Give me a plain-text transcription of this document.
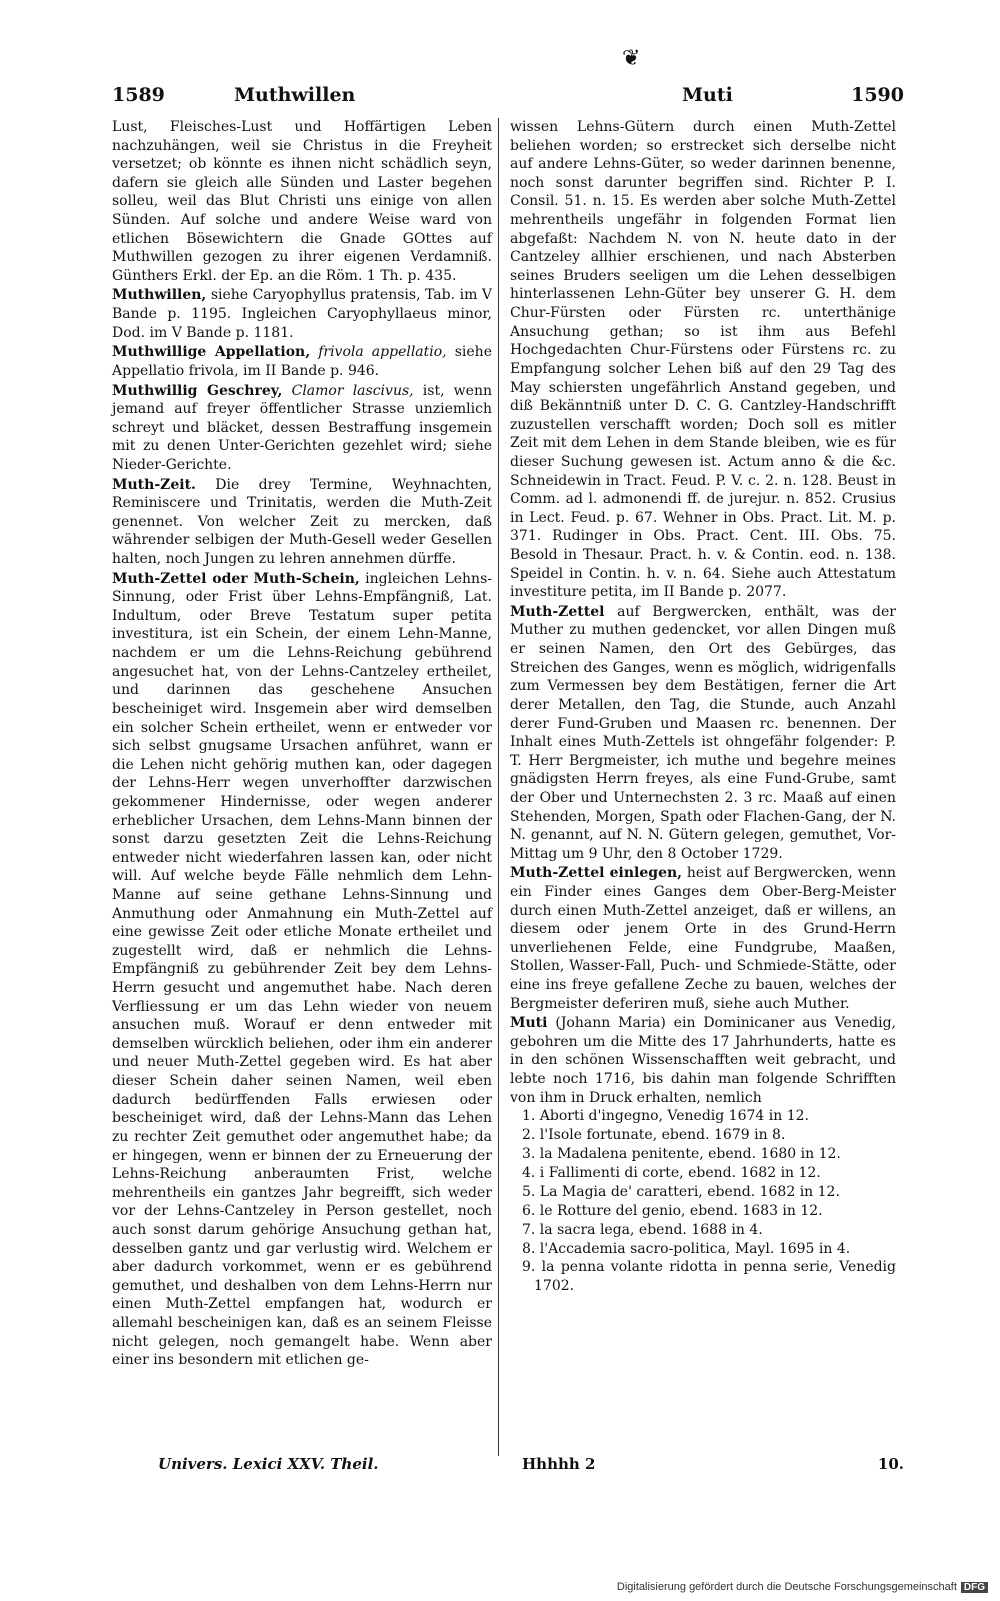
❦
1589	Muthwillen	Muti	1590

Lust, Fleisches-Lust und Hoffärtigen Leben nachzuhängen, weil sie Christus in die Freyheit versetzet; ob könnte es ihnen nicht schädlich seyn, dafern sie gleich alle Sünden und Laster begehen solleu, weil das Blut Christi uns einige von allen Sünden. Auf solche und andere Weise ward von etlichen Bösewichtern die Gnade GOttes auf Muthwillen gezogen zu ihrer eigenen Verdamniß. Günthers Erkl. der Ep. an die Röm. 1 Th. p. 435.

Muthwillen, siehe Caryophyllus pratensis, Tab. im V Bande p. 1195. Ingleichen Caryophyllaeus minor, Dod. im V Bande p. 1181.

Muthwillige Appellation, frivola appellatio, siehe Appellatio frivola, im II Bande p. 946.

Muthwillig Geschrey, Clamor lascivus, ist, wenn jemand auf freyer öffentlicher Strasse unziemlich schreyt und bläcket, dessen Bestraffung insgemein mit zu denen Unter-Gerichten gezehlet wird; siehe Nieder-Gerichte.

Muth-Zeit. Die drey Termine, Weyhnachten, Reminiscere und Trinitatis, werden die Muth-Zeit genennet. Von welcher Zeit zu mercken, daß währender selbigen der Muth-Gesell weder Gesellen halten, noch Jungen zu lehren annehmen dürffe.

Muth-Zettel oder Muth-Schein, ingleichen Lehns-Sinnung, oder Frist über Lehns-Empfängniß, Lat. Indultum, oder Breve Testatum super petita investitura, ist ein Schein, der einem Lehn-Manne, nachdem er um die Lehns-Reichung gebührend angesuchet hat, von der Lehns-Cantzeley ertheilet, und darinnen das geschehene Ansuchen bescheiniget wird. Insgemein aber wird demselben ein solcher Schein ertheilet, wenn er entweder vor sich selbst gnugsame Ursachen anführet, wann er die Lehen nicht gehörig muthen kan, oder dagegen der Lehns-Herr wegen unverhoffter darzwischen gekommener Hindernisse, oder wegen anderer erheblicher Ursachen, dem Lehns-Mann binnen der sonst darzu gesetzten Zeit die Lehns-Reichung entweder nicht wiederfahren lassen kan, oder nicht will. Auf welche beyde Fälle nehmlich dem Lehn-Manne auf seine gethane Lehns-Sinnung und Anmuthung oder Anmahnung ein Muth-Zettel auf eine gewisse Zeit oder etliche Monate ertheilet und zugestellt wird, daß er nehmlich die Lehns-Empfängniß zu gebührender Zeit bey dem Lehns-Herrn gesucht und angemuthet habe. Nach deren Verfliessung er um das Lehn wieder von neuem ansuchen muß. Worauf er denn entweder mit demselben würcklich beliehen, oder ihm ein anderer und neuer Muth-Zettel gegeben wird. Es hat aber dieser Schein daher seinen Namen, weil eben dadurch bedürffenden Falls erwiesen oder bescheiniget wird, daß der Lehns-Mann das Lehen zu rechter Zeit gemuthet oder angemuthet habe; da er hingegen, wenn er binnen der zu Erneuerung der Lehns-Reichung anberaumten Frist, welche mehrentheils ein gantzes Jahr begreifft, sich weder vor der Lehns-Cantzeley in Person gestellet, noch auch sonst darum gehörige Ansuchung gethan hat, desselben gantz und gar verlustig wird. Welchem er aber dadurch vorkommet, wenn er es gebührend gemuthet, und deshalben von dem Lehns-Herrn nur einen Muth-Zettel empfangen hat, wodurch er allemahl bescheinigen kan, daß es an seinem Fleisse nicht gelegen, noch gemangelt habe. Wenn aber einer ins besondern mit etlichen ge-

wissen Lehns-Gütern durch einen Muth-Zettel beliehen worden; so erstrecket sich derselbe nicht auf andere Lehns-Güter, so weder darinnen benenne, noch sonst darunter begriffen sind. Richter P. I. Consil. 51. n. 15. Es werden aber solche Muth-Zettel mehrentheils ungefähr in folgenden Format lien abgefaßt: Nachdem N. von N. heute dato in der Cantzeley allhier erschienen, und nach Absterben seines Bruders seeligen um die Lehen desselbigen hinterlassenen Lehn-Güter bey unserer G. H. dem Chur-Fürsten oder Fürsten rc. unterthänige Ansuchung gethan; so ist ihm aus Befehl Hochgedachten Chur-Fürstens oder Fürstens rc. zu Empfangung solcher Lehen biß auf den 29 Tag des May schiersten ungefährlich Anstand gegeben, und diß Bekänntniß unter D. C. G. Cantzley-Handschrifft zuzustellen verschafft worden; Doch soll es mitler Zeit mit dem Lehen in dem Stande bleiben, wie es für dieser Suchung gewesen ist. Actum anno & die &c. Schneidewin in Tract. Feud. P. V. c. 2. n. 128. Beust in Comm. ad l. admonendi ff. de jurejur. n. 852. Crusius in Lect. Feud. p. 67. Wehner in Obs. Pract. Lit. M. p. 371. Rudinger in Obs. Pract. Cent. III. Obs. 75. Besold in Thesaur. Pract. h. v. & Contin. eod. n. 138. Speidel in Contin. h. v. n. 64. Siehe auch Attestatum investiture petita, im II Bande p. 2077.

Muth-Zettel auf Bergwercken, enthält, was der Muther zu muthen gedencket, vor allen Dingen muß er seinen Namen, den Ort des Gebürges, das Streichen des Ganges, wenn es möglich, widrigenfalls zum Vermessen bey dem Bestätigen, ferner die Art derer Metallen, den Tag, die Stunde, auch Anzahl derer Fund-Gruben und Maasen rc. benennen. Der Inhalt eines Muth-Zettels ist ohngefähr folgender: P. T. Herr Bergmeister, ich muthe und begehre meines gnädigsten Herrn freyes, als eine Fund-Grube, samt der Ober und Unternechsten 2. 3 rc. Maaß auf einen Stehenden, Morgen, Spath oder Flachen-Gang, der N. N. genannt, auf N. N. Gütern gelegen, gemuthet, Vor-Mittag um 9 Uhr, den 8 October 1729.

Muth-Zettel einlegen, heist auf Bergwercken, wenn ein Finder eines Ganges dem Ober-Berg-Meister durch einen Muth-Zettel anzeiget, daß er willens, an diesem oder jenem Orte in des Grund-Herrn unverliehenen Felde, eine Fundgrube, Maaßen, Stollen, Wasser-Fall, Puch- und Schmiede-Stätte, oder eine ins freye gefallene Zeche zu bauen, welches der Bergmeister deferiren muß, siehe auch Muther.

Muti (Johann Maria) ein Dominicaner aus Venedig, gebohren um die Mitte des 17 Jahrhunderts, hatte es in den schönen Wissenschafften weit gebracht, und lebte noch 1716, bis dahin man folgende Schrifften von ihm in Druck erhalten, nemlich

1. Aborti d'ingegno, Venedig 1674 in 12.
2. l'Isole fortunate, ebend. 1679 in 8.
3. la Madalena penitente, ebend. 1680 in 12.
4. i Fallimenti di corte, ebend. 1682 in 12.
5. La Magia de' caratteri, ebend. 1682 in 12.
6. le Rotture del genio, ebend. 1683 in 12.
7. la sacra lega, ebend. 1688 in 4.
8. l'Accademia sacro-politica, Mayl. 1695 in 4.
9. la penna volante ridotta in penna serie, Venedig 1702.
Univers. Lexici XXV. Theil.	Hhhhh 2	10.
Digitalisierung gefördert durch die Deutsche Forschungsgemeinschaft DFG
